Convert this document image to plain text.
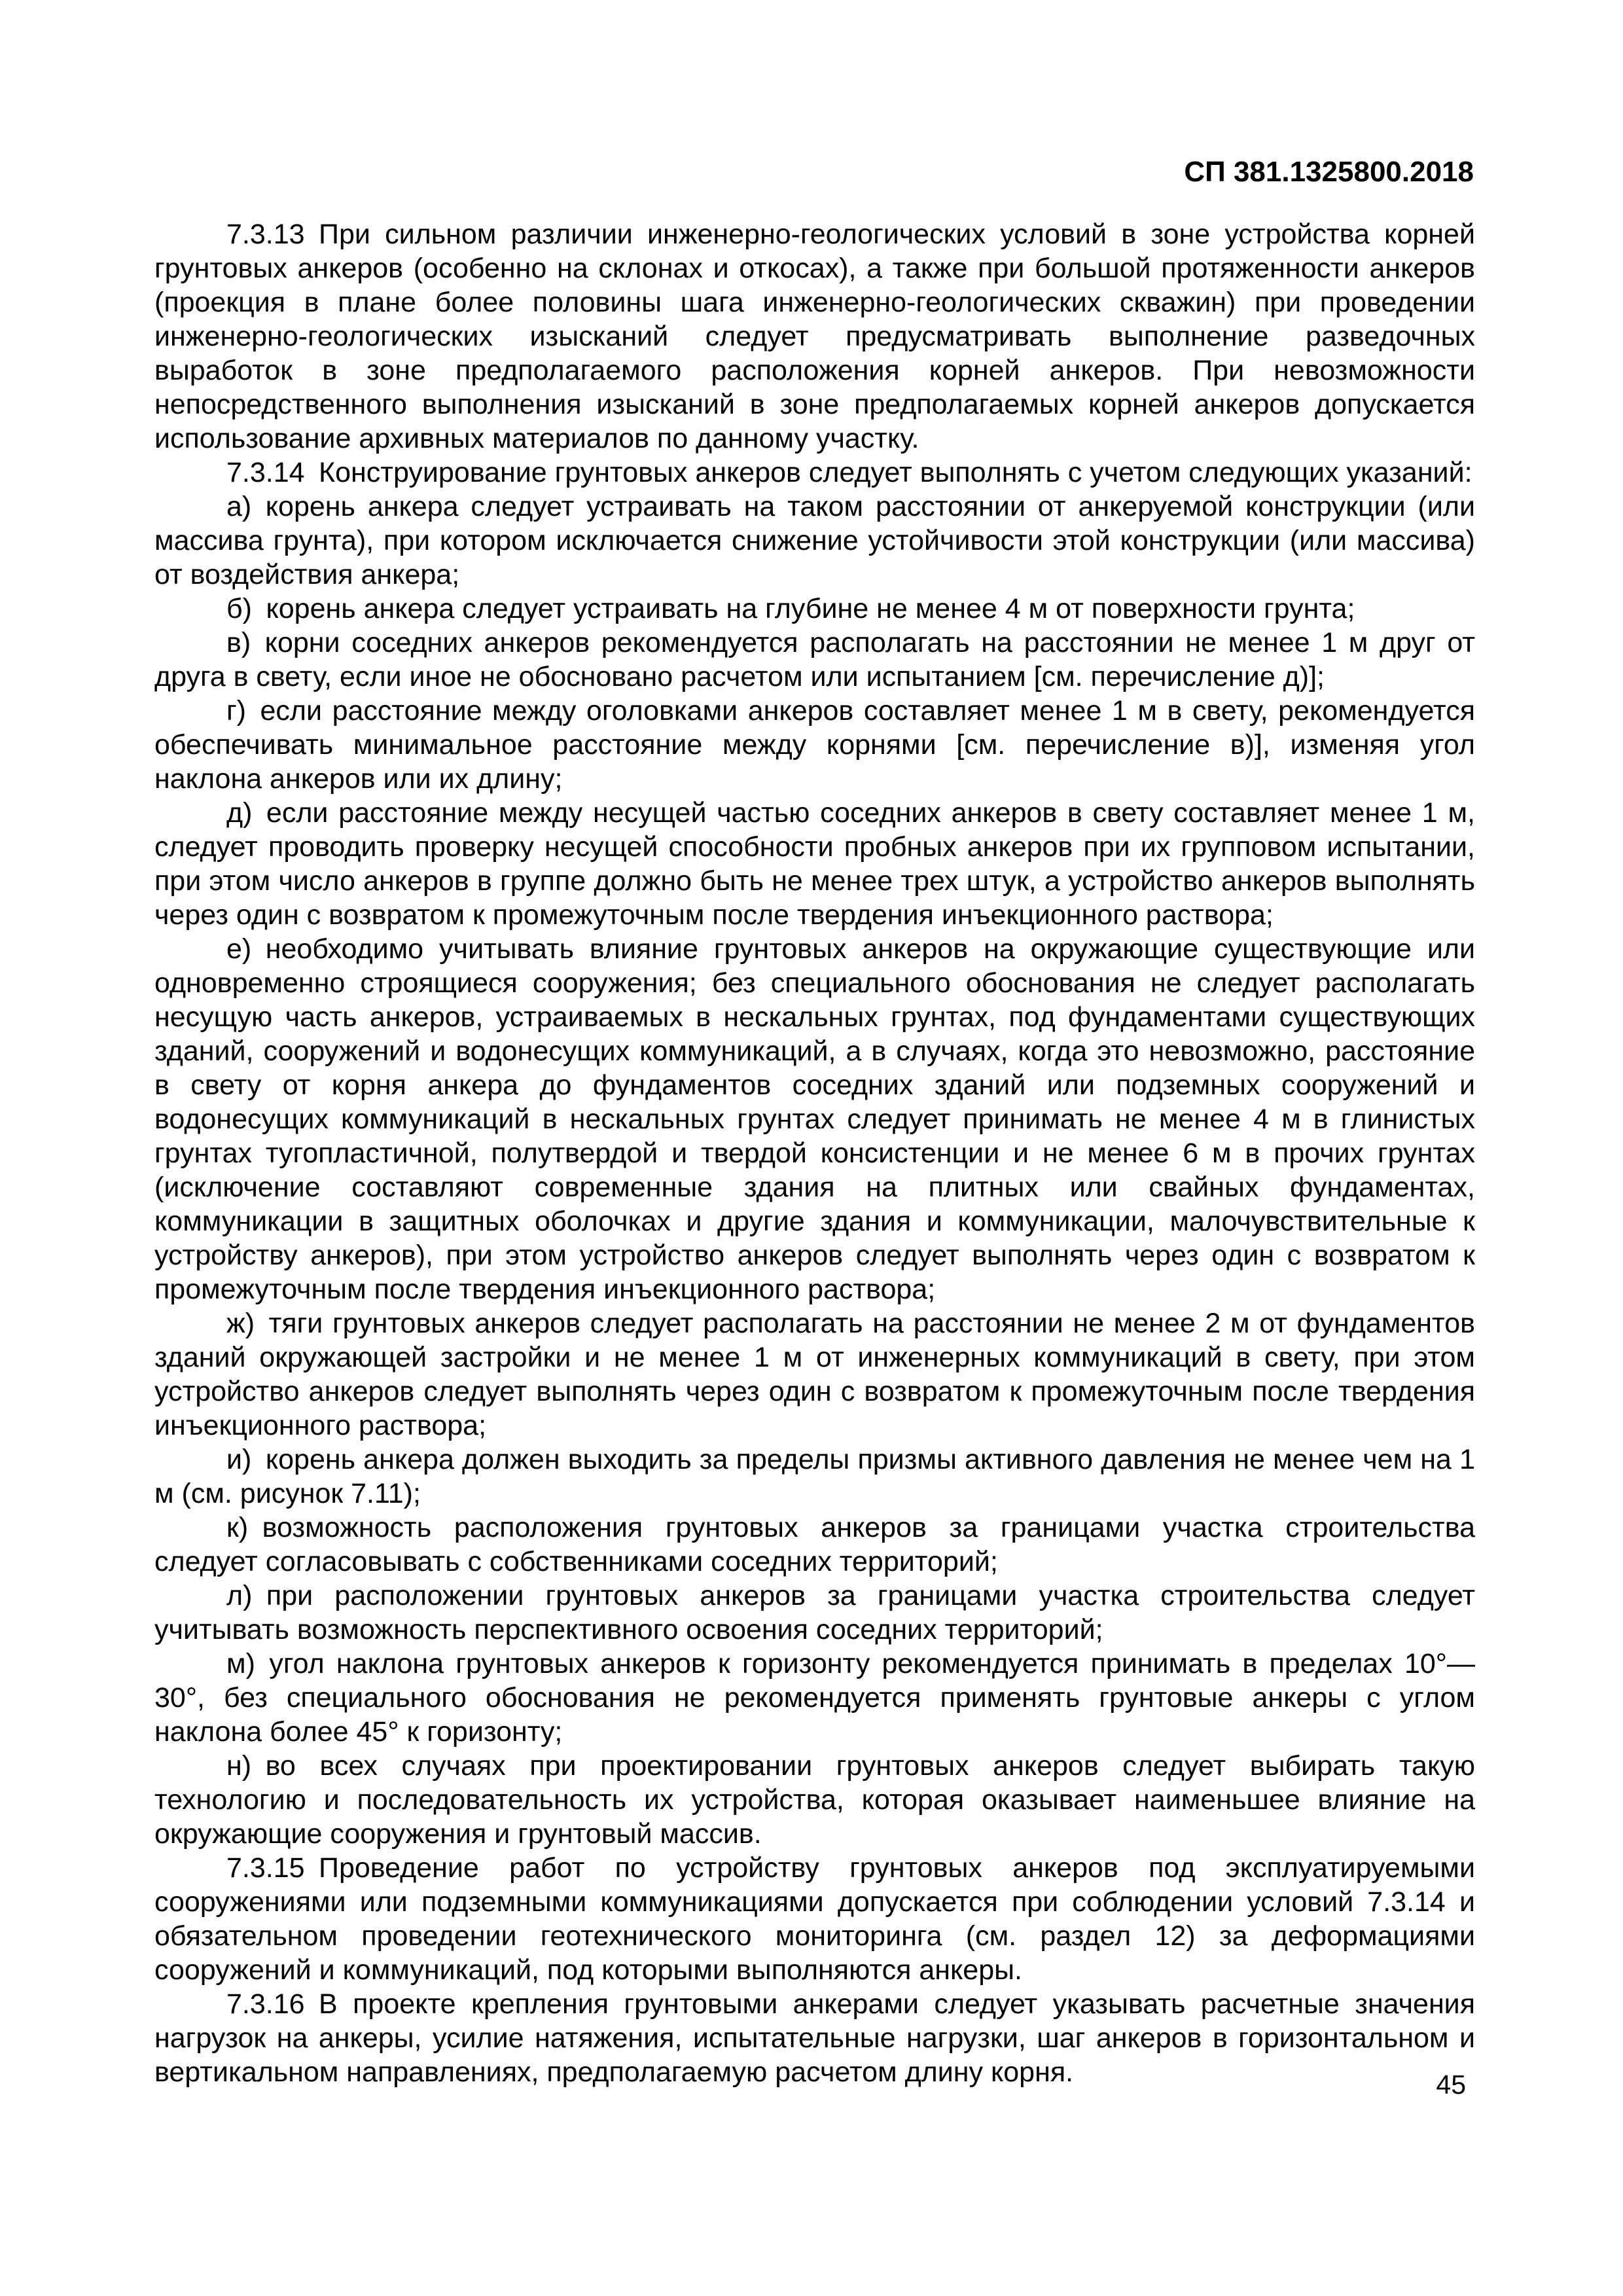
СП 381.1325800.2018

7.3.13 При сильном различии инженерно-геологических условий в зоне устройства корней грунтовых анкеров (особенно на склонах и откосах), а также при большой протяженности анкеров (проекция в плане более половины шага инженерно-геологических скважин) при проведении инженерно-геологических изысканий следует предусматривать выполнение разведочных выработок в зоне предполагаемого расположения корней анкеров. При невозможности непосредственного выполнения изысканий в зоне предполагаемых корней анкеров допускается использование архивных материалов по данному участку.

7.3.14 Конструирование грунтовых анкеров следует выполнять с учетом следующих указаний:

а) корень анкера следует устраивать на таком расстоянии от анкеруемой конструкции (или массива грунта), при котором исключается снижение устойчивости этой конструкции (или массива) от воздействия анкера;

б) корень анкера следует устраивать на глубине не менее 4 м от поверхности грунта;

в) корни соседних анкеров рекомендуется располагать на расстоянии не менее 1 м друг от друга в свету, если иное не обосновано расчетом или испытанием [см. перечисление д)];

г) если расстояние между оголовками анкеров составляет менее 1 м в свету, рекомендуется обеспечивать минимальное расстояние между корнями [см. перечисление в)], изменяя угол наклона анкеров или их длину;

д) если расстояние между несущей частью соседних анкеров в свету составляет менее 1 м, следует проводить проверку несущей способности пробных анкеров при их групповом испытании, при этом число анкеров в группе должно быть не менее трех штук, а устройство анкеров выполнять через один с возвратом к промежуточным после твердения инъекционного раствора;

е) необходимо учитывать влияние грунтовых анкеров на окружающие существующие или одновременно строящиеся сооружения; без специального обоснования не следует располагать несущую часть анкеров, устраиваемых в нескальных грунтах, под фундаментами существующих зданий, сооружений и водонесущих коммуникаций, а в случаях, когда это невозможно, расстояние в свету от корня анкера до фундаментов соседних зданий или подземных сооружений и водонесущих коммуникаций в нескальных грунтах следует принимать не менее 4 м в глинистых грунтах тугопластичной, полутвердой и твердой консистенции и не менее 6 м в прочих грунтах (исключение составляют современные здания на плитных или свайных фундаментах, коммуникации в защитных оболочках и другие здания и коммуникации, малочувствительные к устройству анкеров), при этом устройство анкеров следует выполнять через один с возвратом к промежуточным после твердения инъекционного раствора;

ж) тяги грунтовых анкеров следует располагать на расстоянии не менее 2 м от фундаментов зданий окружающей застройки и не менее 1 м от инженерных коммуникаций в свету, при этом устройство анкеров следует выполнять через один с возвратом к промежуточным после твердения инъекционного раствора;

и) корень анкера должен выходить за пределы призмы активного давления не менее чем на 1 м (см. рисунок 7.11);

к) возможность расположения грунтовых анкеров за границами участка строительства следует согласовывать с собственниками соседних территорий;

л) при расположении грунтовых анкеров за границами участка строительства следует учитывать возможность перспективного освоения соседних территорий;

м) угол наклона грунтовых анкеров к горизонту рекомендуется принимать в пределах 10°—30°, без специального обоснования не рекомендуется применять грунтовые анкеры с углом наклона более 45° к горизонту;

н) во всех случаях при проектировании грунтовых анкеров следует выбирать такую технологию и последовательность их устройства, которая оказывает наименьшее влияние на окружающие сооружения и грунтовый массив.

7.3.15 Проведение работ по устройству грунтовых анкеров под эксплуатируемыми сооружениями или подземными коммуникациями допускается при соблюдении условий 7.3.14 и обязательном проведении геотехнического мониторинга (см. раздел 12) за деформациями сооружений и коммуникаций, под которыми выполняются анкеры.

7.3.16 В проекте крепления грунтовыми анкерами следует указывать расчетные значения нагрузок на анкеры, усилие натяжения, испытательные нагрузки, шаг анкеров в горизонтальном и вертикальном направлениях, предполагаемую расчетом длину корня.	45
